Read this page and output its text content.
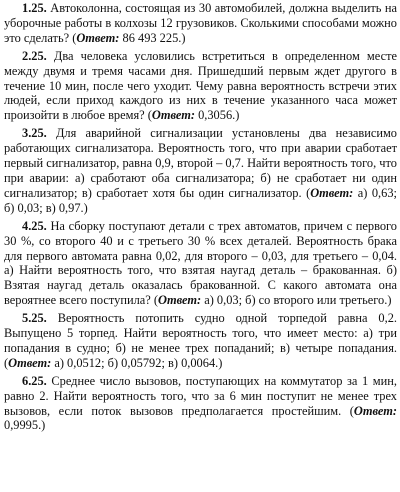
1.25. Автоколонна, состоящая из 30 автомобилей, должна выделить на уборочные работы в колхозы 12 грузовиков. Сколькими способами можно это сделать? (Ответ: 86 493 225.)

2.25. Два человека условились встретиться в определенном месте между двумя и тремя часами дня. Пришедший первым ждет другого в течение 10 мин, после чего уходит. Чему равна вероятность встречи этих людей, если приход каждого из них в течение указанного часа может произойти в любое время? (Ответ: 0,3056.)

3.25. Для аварийной сигнализации установлены два независимо работающих сигнализатора. Вероятность того, что при аварии сработает первый сигнализатор, равна 0,9, второй – 0,7. Найти вероятность того, что при аварии: а) сработают оба сигнализатора; б) не сработает ни один сигнализатор; в) сработает хотя бы один сигнализатор. (Ответ: а) 0,63; б) 0,03; в) 0,97.)

4.25. На сборку поступают детали с трех автоматов, причем с первого 30 %, со второго 40 и с третьего 30 % всех деталей. Вероятность брака для первого автомата равна 0,02, для второго – 0,03, для третьего – 0,04. а) Найти вероятность того, что взятая наугад деталь – бракованная. б) Взятая наугад деталь оказалась бракованной. С какого автомата она вероятнее всего поступила? (Ответ: а) 0,03; б) со второго или третьего.)

5.25. Вероятность потопить судно одной торпедой равна 0,2. Выпущено 5 торпед. Найти вероятность того, что имеет место: а) три попадания в судно; б) не менее трех попаданий; в) четыре попадания. (Ответ: а) 0,0512; б) 0,05792; в) 0,0064.)

6.25. Среднее число вызовов, поступающих на коммутатор за 1 мин, равно 2. Найти вероятность того, что за 6 мин поступит не менее трех вызовов, если поток вызовов предполагается простейшим. (Ответ: 0,9995.)
